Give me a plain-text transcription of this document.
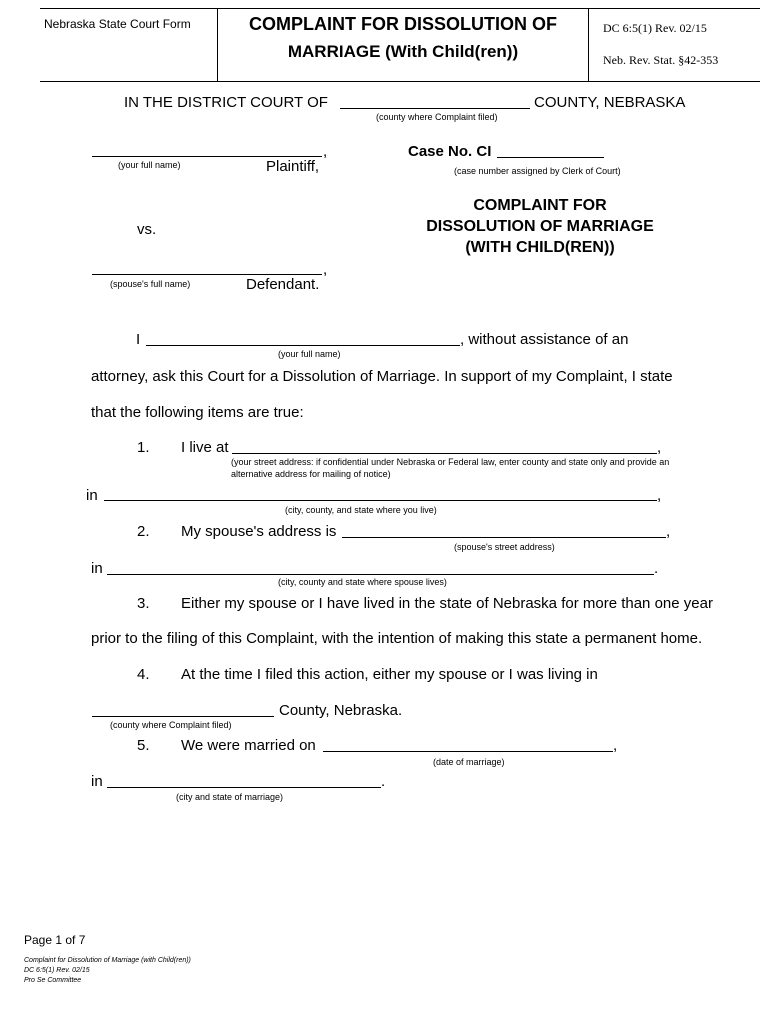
Nebraska State Court Form	COMPLAINT FOR DISSOLUTION OF
MARRIAGE (With Child(ren))
DC 6:5(1) Rev. 02/15
Neb. Rev. Stat. §42-353
IN THE DISTRICT COURT OF	COUNTY, NEBRASKA
(county where Complaint filed)
,
(your full name)	Plaintiff,
Case No. CI
(case number assigned by Clerk of Court)
COMPLAINT FOR
DISSOLUTION OF MARRIAGE
(WITH CHILD(REN))
vs.
,
(spouse's full name)	Defendant.
I	, without assistance of an
(your full name)
attorney, ask this Court for a Dissolution of Marriage. In support of my Complaint, I state
that the following items are true:
1. I live at	,
(your street address: if confidential under Nebraska or Federal law, enter county and state only and provide an
alternative address for mailing of notice)
in	,
(city, county, and state where you live)
2. My spouse's address is	,
(spouse's street address)
in	.
(city, county and state where spouse lives)
3. Either my spouse or I have lived in the state of Nebraska for more than one year
prior to the filing of this Complaint, with the intention of making this state a permanent home.
4. At the time I filed this action, either my spouse or I was living in
County, Nebraska.
(county where Complaint filed)
5. We were married on	,
(date of marriage)
in	.
(city and state of marriage)
Page 1 of 7
Complaint for Dissolution of Marriage (with Child(ren))
DC 6:5(1) Rev. 02/15
Pro Se Committee
